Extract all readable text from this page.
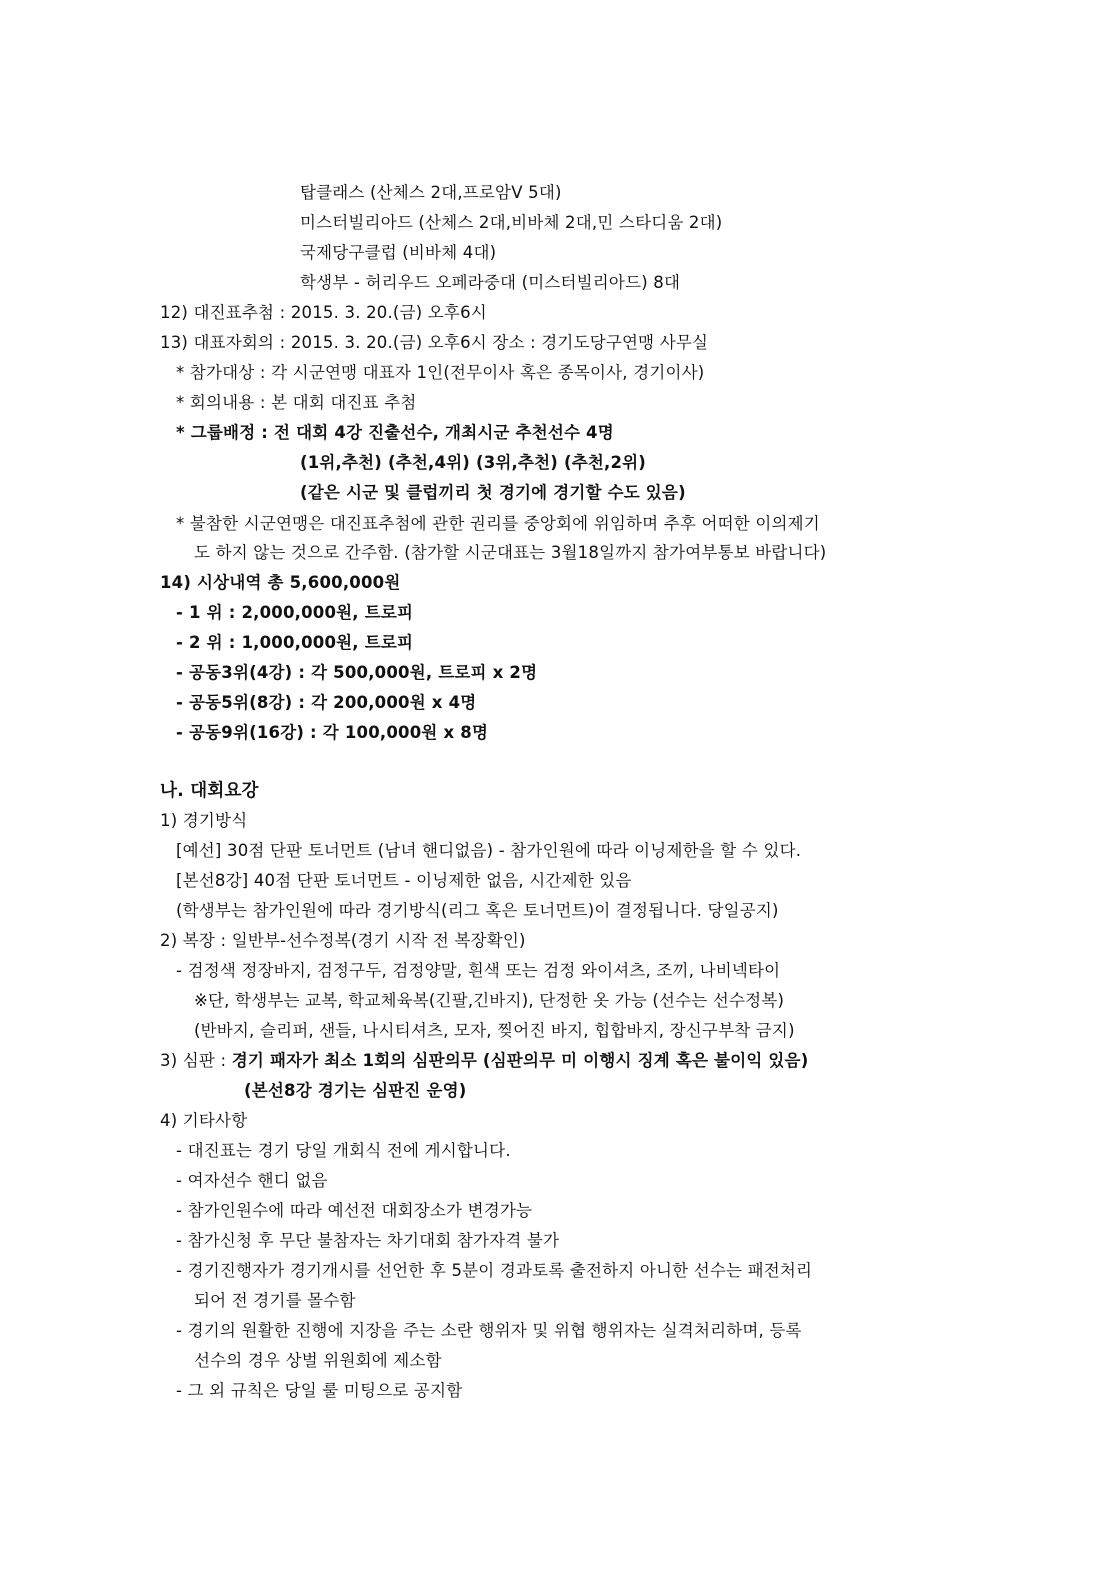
탑클래스 (산체스 2대,프로암V 5대)
미스터빌리아드 (산체스 2대,비바체 2대,민 스타디움 2대)
국제당구클럽 (비바체 4대)
학생부 - 허리우드 오페라중대 (미스터빌리아드) 8대
12) 대진표추첨 : 2015. 3. 20.(금) 오후6시
13) 대표자회의 : 2015. 3. 20.(금) 오후6시 장소 : 경기도당구연맹 사무실
* 참가대상 : 각 시군연맹 대표자 1인(전무이사 혹은 종목이사, 경기이사)
* 회의내용 : 본 대회 대진표 추첨
* 그룹배정 : 전 대회 4강 진출선수, 개최시군 추천선수 4명
(1위,추천) (추천,4위) (3위,추천) (추천,2위)
(같은 시군 및 클럽끼리 첫 경기에 경기할 수도 있음)
* 불참한 시군연맹은 대진표추첨에 관한 권리를 중앙회에 위임하며 추후 어떠한 이의제기
도 하지 않는 것으로 간주함. (참가할 시군대표는 3월18일까지 참가여부통보 바랍니다)
14) 시상내역 총 5,600,000원
- 1 위 : 2,000,000원, 트로피
- 2 위 : 1,000,000원, 트로피
- 공동3위(4강) : 각 500,000원, 트로피 x 2명
- 공동5위(8강) : 각 200,000원 x 4명
- 공동9위(16강) : 각 100,000원 x 8명
나. 대회요강
1) 경기방식
[예선] 30점 단판 토너먼트 (남녀 핸디없음) - 참가인원에 따라 이닝제한을 할 수 있다.
[본선8강] 40점 단판 토너먼트 - 이닝제한 없음, 시간제한 있음
(학생부는 참가인원에 따라 경기방식(리그 혹은 토너먼트)이 결정됩니다. 당일공지)
2) 복장 : 일반부-선수정복(경기 시작 전 복장확인)
- 검정색 정장바지, 검정구두, 검정양말, 흰색 또는 검정 와이셔츠, 조끼, 나비넥타이
※단, 학생부는 교복, 학교체육복(긴팔,긴바지), 단정한 옷 가능 (선수는 선수정복)
(반바지, 슬리퍼, 샌들, 나시티셔츠, 모자, 찢어진 바지, 힙합바지, 장신구부착 금지)
3) 심판 : 경기 패자가 최소 1회의 심판의무 (심판의무 미 이행시 징계 혹은 불이익 있음)
(본선8강 경기는 심판진 운영)
4) 기타사항
- 대진표는 경기 당일 개회식 전에 게시합니다.
- 여자선수 핸디 없음
- 참가인원수에 따라 예선전 대회장소가 변경가능
- 참가신청 후 무단 불참자는 차기대회 참가자격 불가
- 경기진행자가 경기개시를 선언한 후 5분이 경과토록 출전하지 아니한 선수는 패전처리
되어 전 경기를 몰수함
- 경기의 원활한 진행에 지장을 주는 소란 행위자 및 위협 행위자는 실격처리하며, 등록
선수의 경우 상벌 위원회에 제소함
- 그 외 규칙은 당일 룰 미팅으로 공지함
